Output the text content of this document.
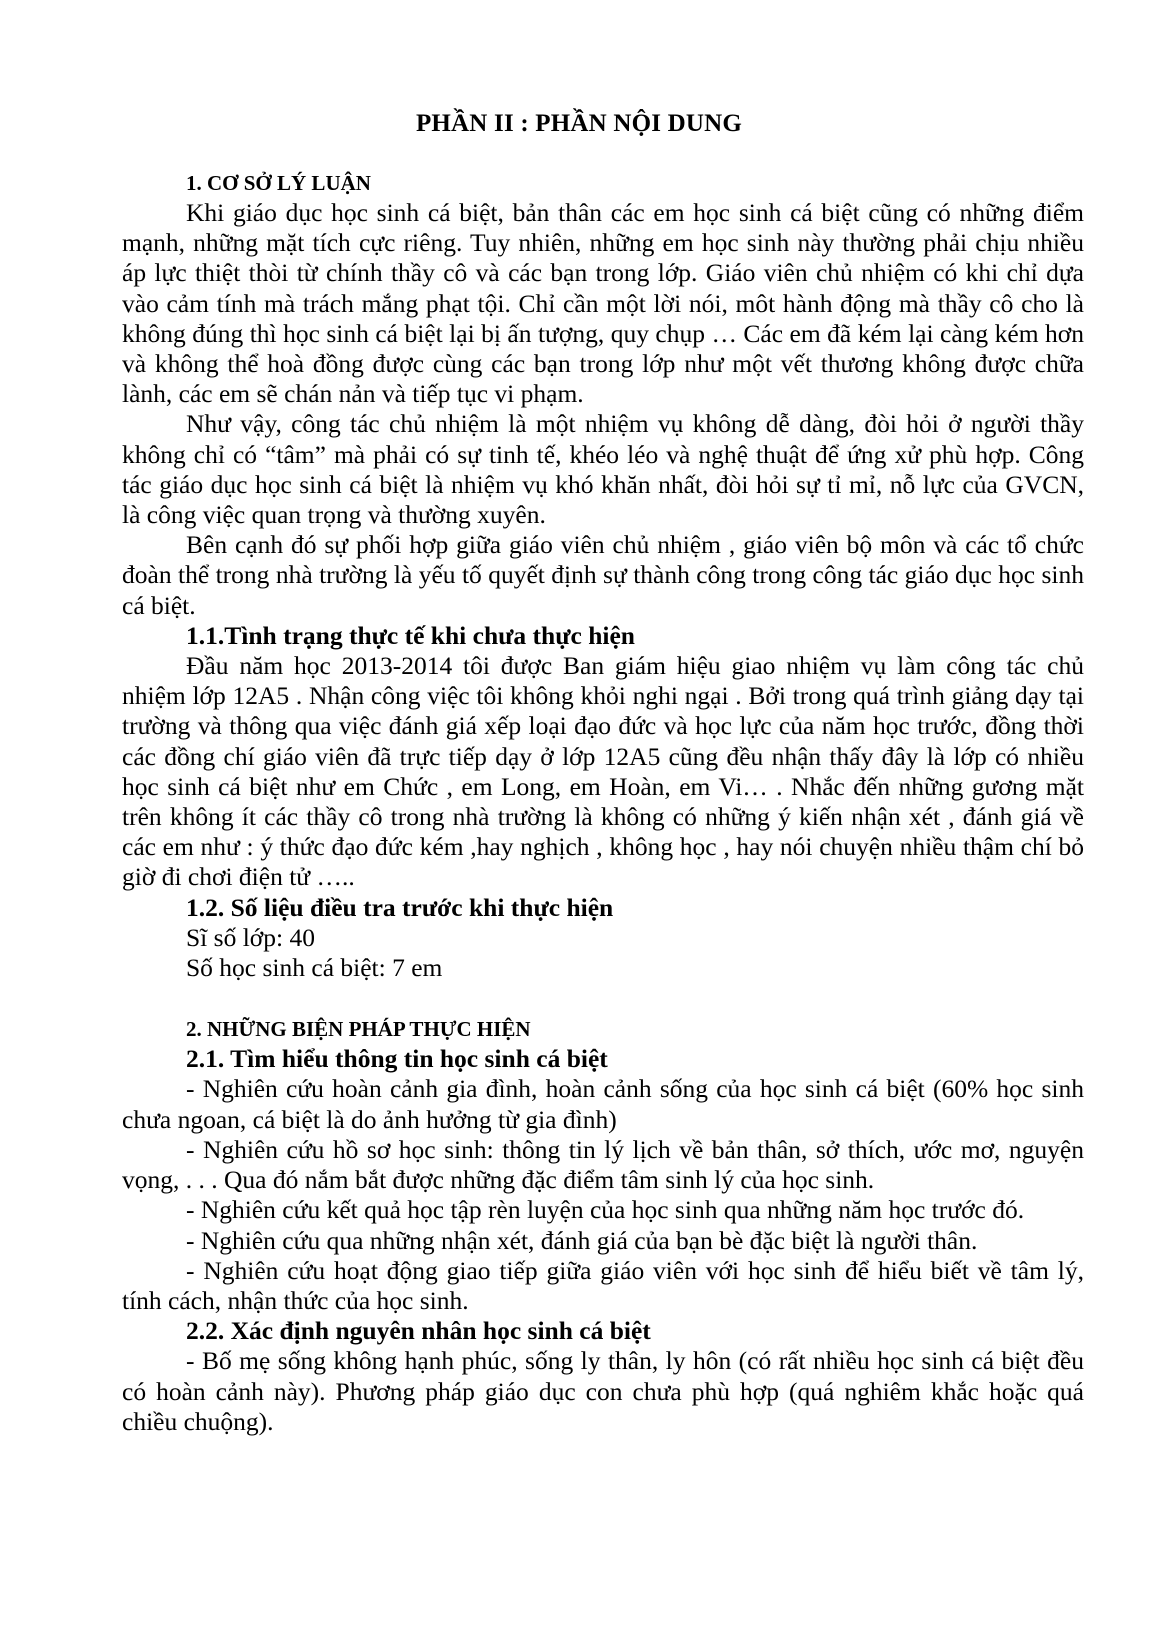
PHẦN II : PHẦN NỘI DUNG

1. CƠ SỞ LÝ LUẬN

Khi giáo dục học sinh cá biệt, bản thân các em học sinh cá biệt cũng có những điểm mạnh, những mặt tích cực riêng. Tuy nhiên, những em học sinh này thường phải chịu nhiều áp lực thiệt thòi từ chính thầy cô và các bạn trong lớp. Giáo viên chủ nhiệm có khi chỉ dựa vào cảm tính mà trách mắng phạt tội. Chỉ cần một lời nói, môt hành động mà thầy cô cho là không đúng thì học sinh cá biệt lại bị ấn tượng, quy chụp … Các em đã kém lại càng kém hơn và không thể hoà đồng được cùng các bạn trong lớp như một vết thương không được chữa lành, các em sẽ chán nản và tiếp tục vi phạm.

Như vậy, công tác chủ nhiệm là một nhiệm vụ không dễ dàng, đòi hỏi ở người thầy không chỉ có “tâm” mà phải có sự tinh tế, khéo léo và nghệ thuật để ứng xử phù hợp. Công tác giáo dục học sinh cá biệt là nhiệm vụ khó khăn nhất, đòi hỏi sự tỉ mỉ, nỗ lực của GVCN, là công việc quan trọng và thường xuyên.

Bên cạnh đó sự phối hợp giữa giáo viên chủ nhiệm , giáo viên bộ môn và các tổ chức đoàn thể trong nhà trường là yếu tố quyết định sự thành công trong công tác giáo dục học sinh cá biệt.

1.1.Tình trạng thực tế khi chưa thực hiện

Đầu năm học 2013-2014 tôi được Ban giám hiệu giao nhiệm vụ làm công tác chủ nhiệm lớp 12A5 . Nhận công việc tôi không khỏi nghi ngại . Bởi trong quá trình giảng dạy tại trường và thông qua việc đánh giá xếp loại đạo đức và học lực của năm học trước, đồng thời các đồng chí giáo viên đã trực tiếp dạy ở lớp 12A5 cũng đều nhận thấy đây là lớp có nhiều học sinh cá biệt như em Chức , em Long, em Hoàn, em Vi… . Nhắc đến những gương mặt trên không ít các thầy cô trong nhà trường là không có những ý kiến nhận xét , đánh giá về các em như : ý thức đạo đức kém ,hay nghịch , không học , hay nói chuyện nhiều thậm chí bỏ giờ đi chơi điện tử …..

1.2. Số liệu điều tra trước khi thực hiện

Sĩ số lớp: 40

Số học sinh cá biệt: 7 em

2. NHỮNG BIỆN PHÁP THỰC HIỆN

2.1. Tìm hiểu thông tin học sinh cá biệt

- Nghiên cứu hoàn cảnh gia đình, hoàn cảnh sống của học sinh cá biệt (60% học sinh chưa ngoan, cá biệt là do ảnh hưởng từ gia đình)

- Nghiên cứu hồ sơ học sinh: thông tin lý lịch về bản thân, sở thích, ước mơ, nguyện vọng, . . . Qua đó nắm bắt được những đặc điểm tâm sinh lý của học sinh.

- Nghiên cứu kết quả học tập rèn luyện của học sinh qua những năm học trước đó.

- Nghiên cứu qua những nhận xét, đánh giá của bạn bè đặc biệt là người thân.

- Nghiên cứu hoạt động giao tiếp giữa giáo viên với học sinh để hiểu biết về tâm lý, tính cách, nhận thức của học sinh.

2.2. Xác định nguyên nhân học sinh cá biệt

- Bố mẹ sống không hạnh phúc, sống ly thân, ly hôn (có rất nhiều học sinh cá biệt đều có hoàn cảnh này). Phương pháp giáo dục con chưa phù hợp (quá nghiêm khắc hoặc quá chiều chuộng).
